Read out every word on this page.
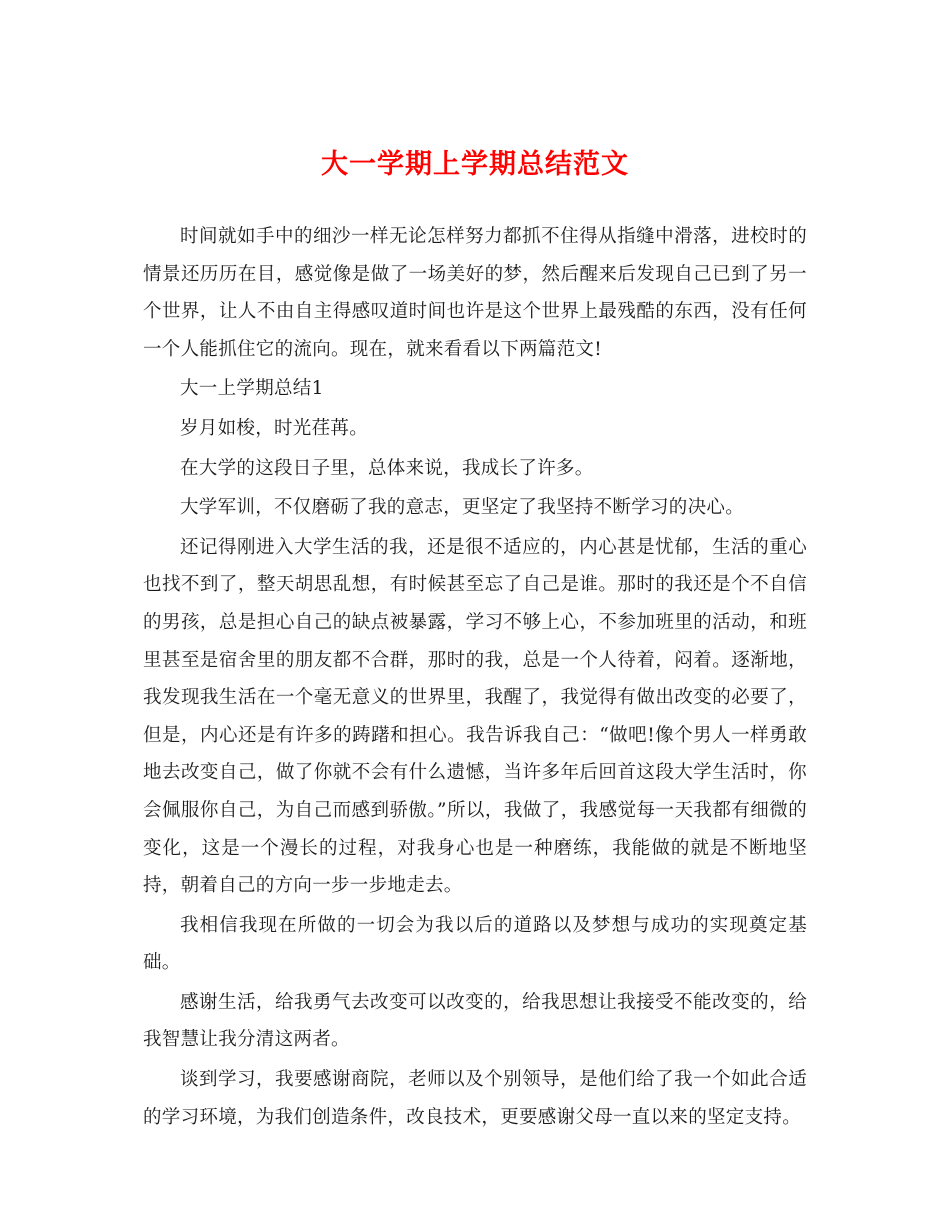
大一学期上学期总结范文

时间就如手中的细沙一样无论怎样努力都抓不住得从指缝中滑落，进校时的情景还历历在目，感觉像是做了一场美好的梦，然后醒来后发现自己已到了另一个世界，让人不由自主得感叹道时间也许是这个世界上最残酷的东西，没有任何一个人能抓住它的流向。现在，就来看看以下两篇范文!

大一上学期总结1

岁月如梭，时光荏苒。

在大学的这段日子里，总体来说，我成长了许多。

大学军训，不仅磨砺了我的意志，更坚定了我坚持不断学习的决心。

还记得刚进入大学生活的我，还是很不适应的，内心甚是忧郁，生活的重心也找不到了，整天胡思乱想，有时候甚至忘了自己是谁。那时的我还是个不自信的男孩，总是担心自己的缺点被暴露，学习不够上心，不参加班里的活动，和班里甚至是宿舍里的朋友都不合群，那时的我，总是一个人待着，闷着。逐渐地，我发现我生活在一个毫无意义的世界里，我醒了，我觉得有做出改变的必要了，但是，内心还是有许多的踌躇和担心。我告诉我自己：“做吧!像个男人一样勇敢地去改变自己，做了你就不会有什么遗憾，当许多年后回首这段大学生活时，你会佩服你自己，为自己而感到骄傲。”所以，我做了，我感觉每一天我都有细微的变化，这是一个漫长的过程，对我身心也是一种磨练，我能做的就是不断地坚持，朝着自己的方向一步一步地走去。

我相信我现在所做的一切会为我以后的道路以及梦想与成功的实现奠定基础。

感谢生活，给我勇气去改变可以改变的，给我思想让我接受不能改变的，给我智慧让我分清这两者。

谈到学习，我要感谢商院，老师以及个别领导，是他们给了我一个如此合适的学习环境，为我们创造条件，改良技术，更要感谢父母一直以来的坚定支持。
